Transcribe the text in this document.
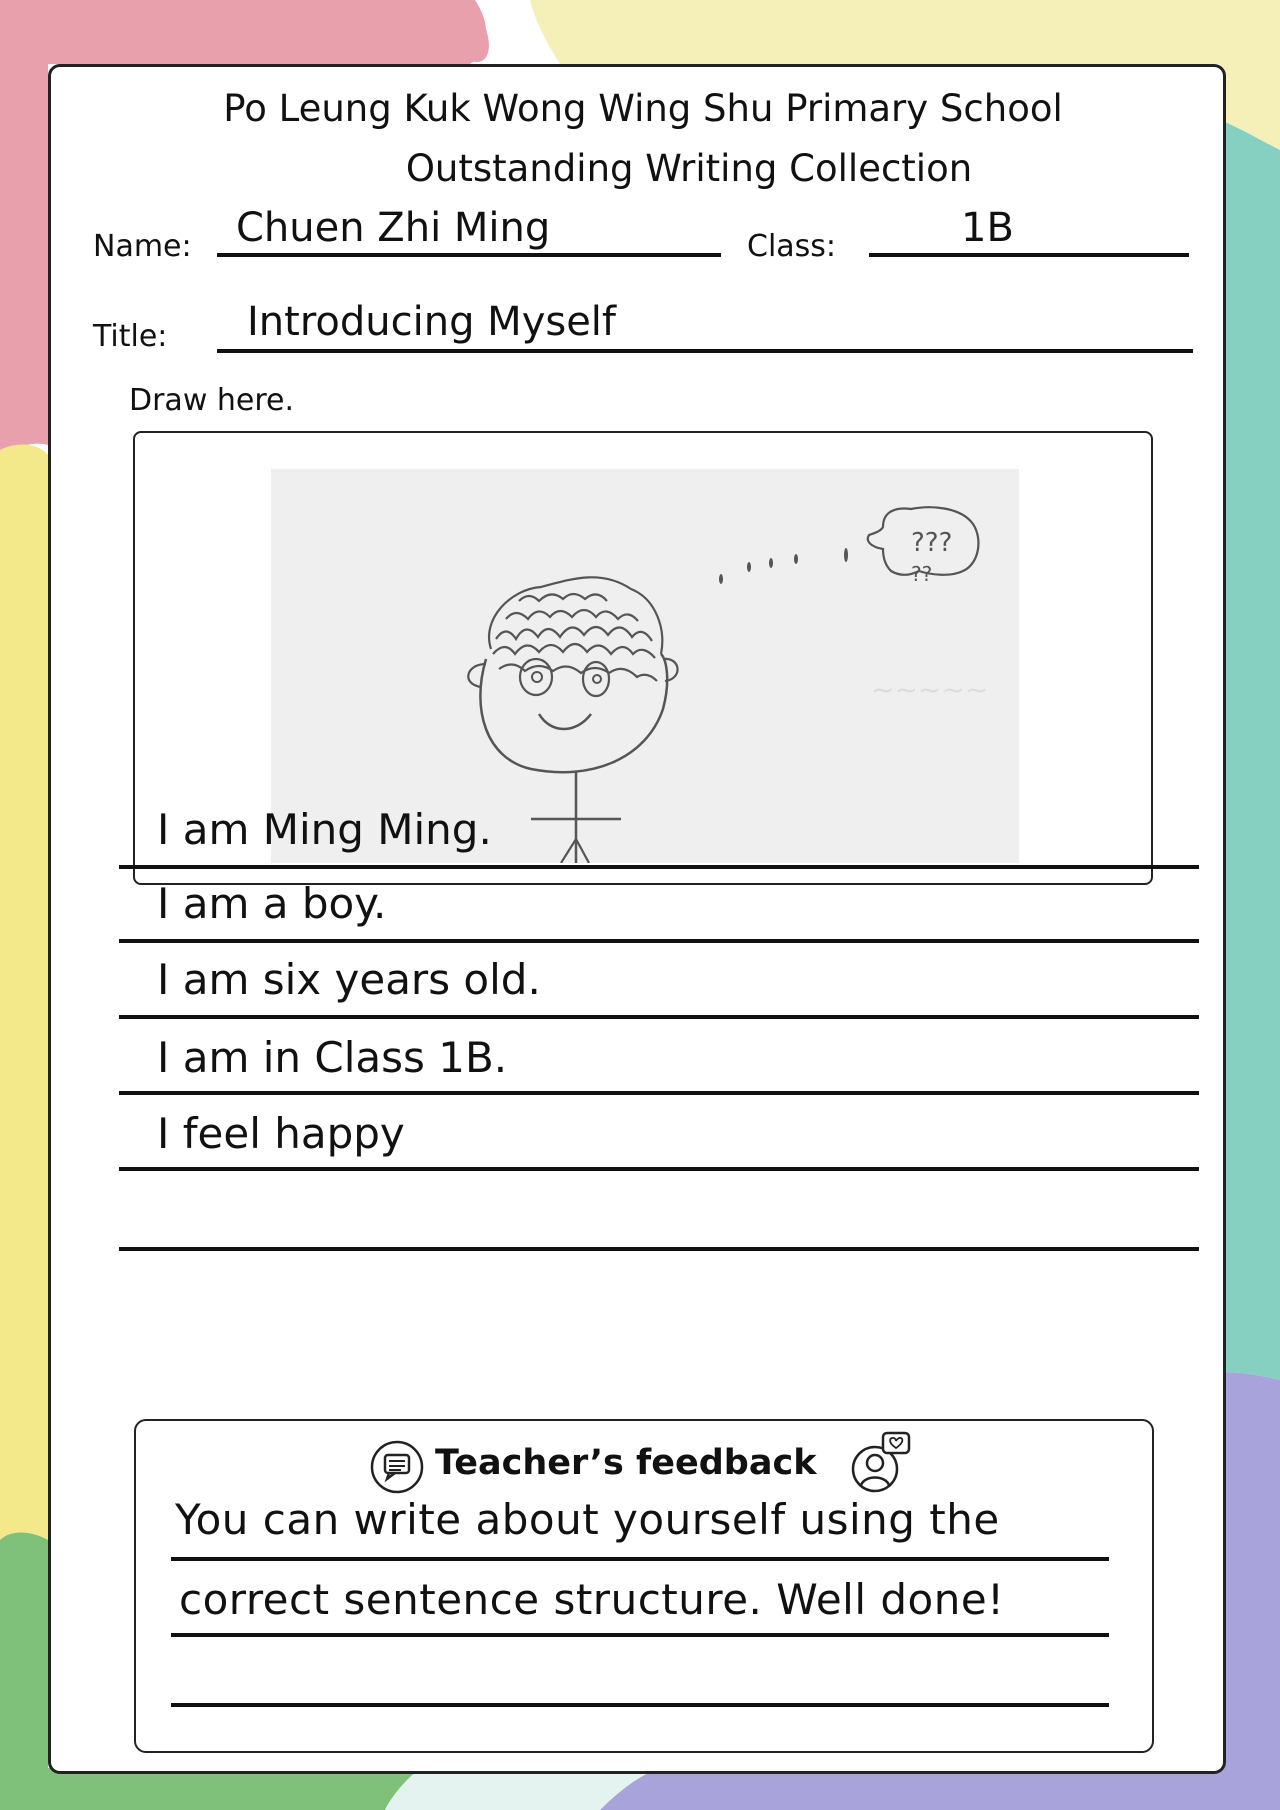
Po Leung Kuk Wong Wing Shu Primary School
Outstanding Writing Collection
Name: Chuen Zhi Ming	Class:	1B
Title: Introducing Myself
Draw here.
???
??
~~~~~
I am Ming Ming.
I am a boy.
I am six years old.
I am in Class 1B.
I feel happy
Teacher’s feedback
You can write about yourself using the
correct sentence structure. Well done!
